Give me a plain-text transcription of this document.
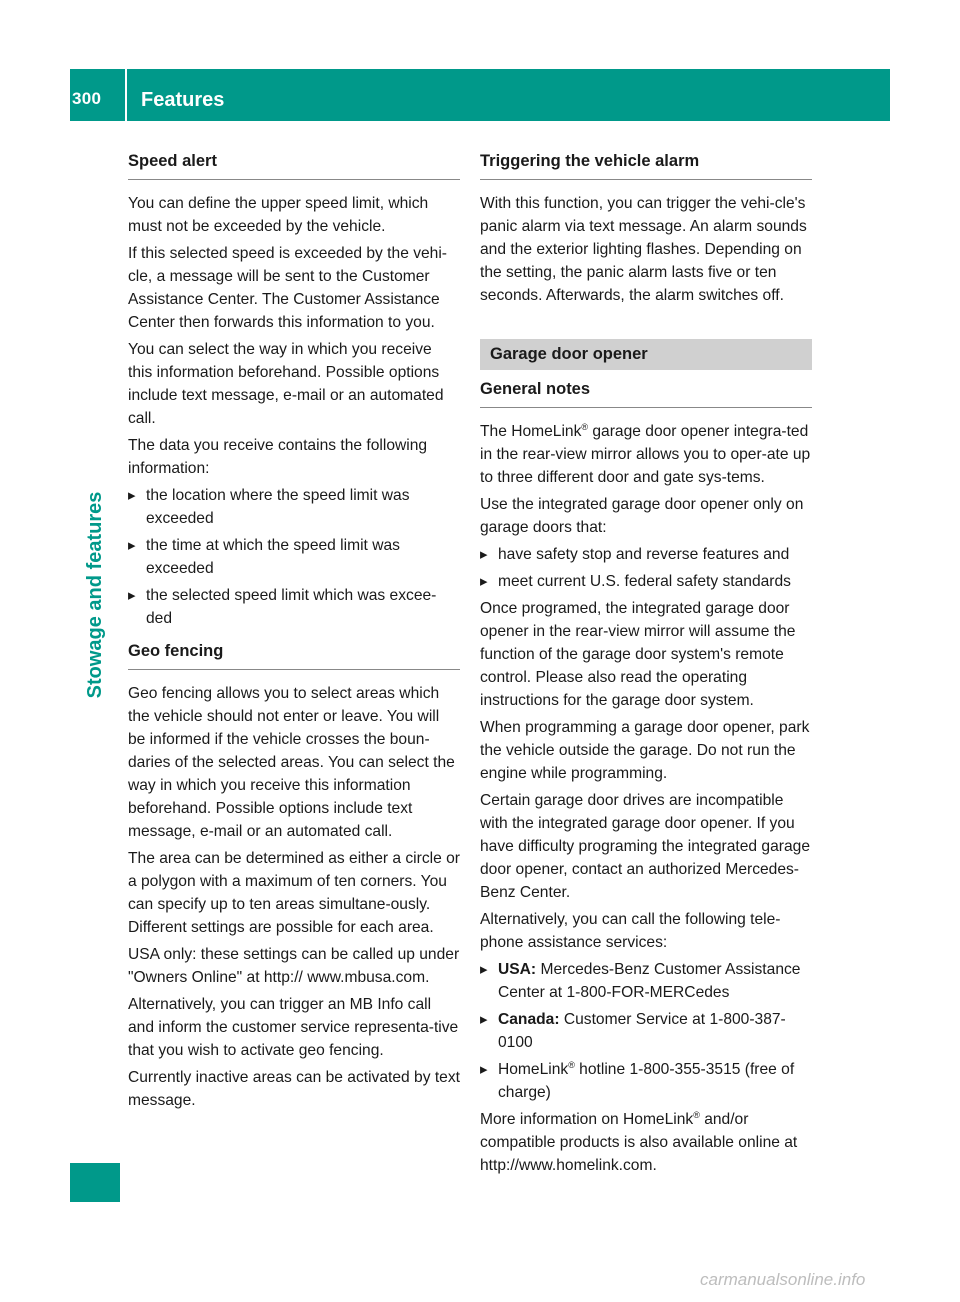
300 Features
Stowage and features
Speed alert

You can define the upper speed limit, which must not be exceeded by the vehicle.

If this selected speed is exceeded by the vehi-cle, a message will be sent to the Customer Assistance Center. The Customer Assistance Center then forwards this information to you.

You can select the way in which you receive this information beforehand. Possible options include text message, e-mail or an automated call.

The data you receive contains the following information:

▸ the location where the speed limit was exceeded
▸ the time at which the speed limit was exceeded
▸ the selected speed limit which was excee-ded
Geo fencing

Geo fencing allows you to select areas which the vehicle should not enter or leave. You will be informed if the vehicle crosses the boun-daries of the selected areas. You can select the way in which you receive this information beforehand. Possible options include text message, e-mail or an automated call.

The area can be determined as either a circle or a polygon with a maximum of ten corners. You can specify up to ten areas simultane-ously. Different settings are possible for each area.

USA only: these settings can be called up under "Owners Online" at http:// www.mbusa.com.

Alternatively, you can trigger an MB Info call and inform the customer service representa-tive that you wish to activate geo fencing.

Currently inactive areas can be activated by text message.

Triggering the vehicle alarm

With this function, you can trigger the vehi-cle's panic alarm via text message. An alarm sounds and the exterior lighting flashes. Depending on the setting, the panic alarm lasts five or ten seconds. Afterwards, the alarm switches off.

Garage door opener
General notes

The HomeLink® garage door opener integra-ted in the rear-view mirror allows you to oper-ate up to three different door and gate sys-tems.

Use the integrated garage door opener only on garage doors that:

▸ have safety stop and reverse features and
▸ meet current U.S. federal safety standards

Once programed, the integrated garage door opener in the rear-view mirror will assume the function of the garage door system's remote control. Please also read the operating instructions for the garage door system.

When programming a garage door opener, park the vehicle outside the garage. Do not run the engine while programming.

Certain garage door drives are incompatible with the integrated garage door opener. If you have difficulty programing the integrated garage door opener, contact an authorized Mercedes-Benz Center.

Alternatively, you can call the following tele-phone assistance services:

▸ USA: Mercedes-Benz Customer Assistance Center at 1-800-FOR-MERCedes
▸ Canada: Customer Service at 1-800-387-0100
▸ HomeLink® hotline 1-800-355-3515 (free of charge)

More information on HomeLink® and/or compatible products is also available online at http://www.homelink.com.

carmanualsonline.info
